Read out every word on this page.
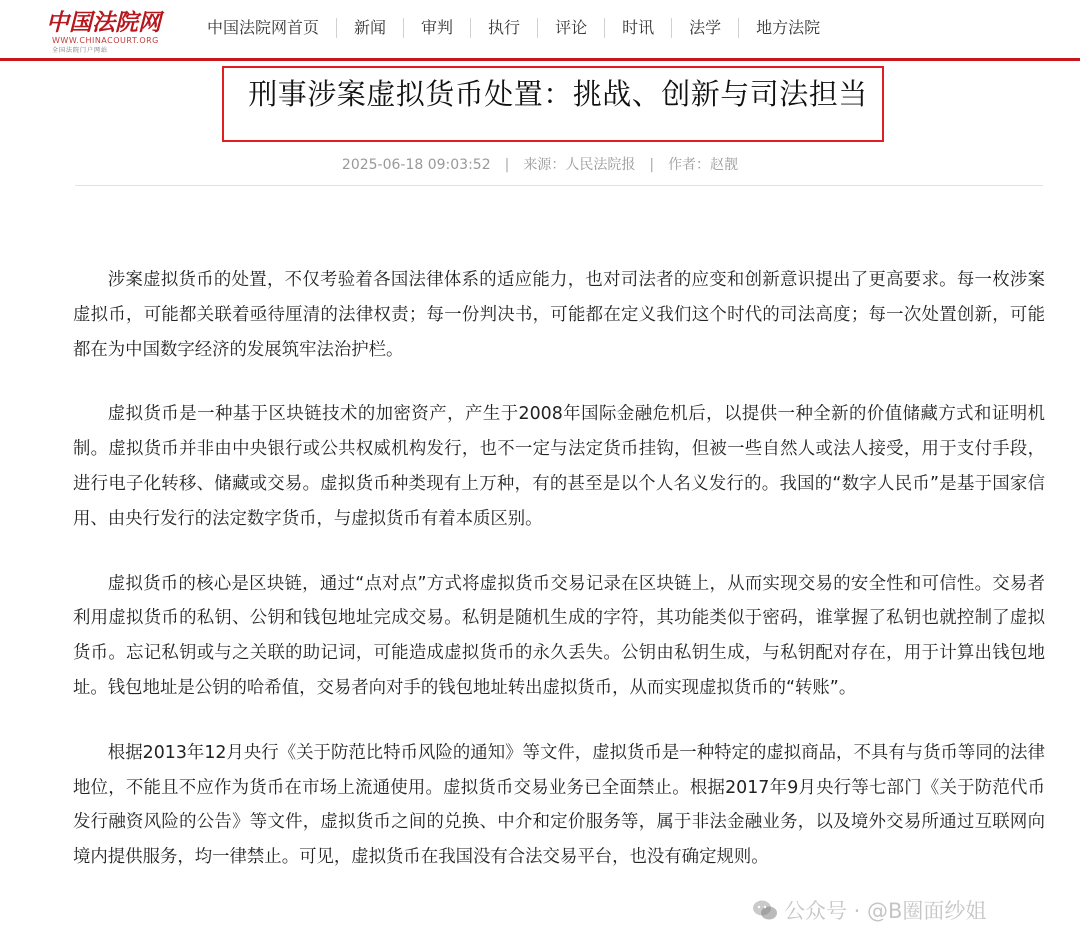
中国法院网
WWW.CHINACOURT.ORG
全国法院门户网站
中国法院网首页	新闻	审判	执行	评论	时讯	法学	地方法院
刑事涉案虚拟货币处置：挑战、创新与司法担当
2025-06-18 09:03:52 | 来源：人民法院报 | 作者：赵靓

涉案虚拟货币的处置，不仅考验着各国法律体系的适应能力，也对司法者的应变和创新意识提出了更高要求。每一枚涉案虚拟币，可能都关联着亟待厘清的法律权责；每一份判决书，可能都在定义我们这个时代的司法高度；每一次处置创新，可能都在为中国数字经济的发展筑牢法治护栏。

虚拟货币是一种基于区块链技术的加密资产，产生于2008年国际金融危机后，以提供一种全新的价值储藏方式和证明机制。虚拟货币并非由中央银行或公共权威机构发行，也不一定与法定货币挂钩，但被一些自然人或法人接受，用于支付手段，进行电子化转移、储藏或交易。虚拟货币种类现有上万种，有的甚至是以个人名义发行的。我国的“数字人民币”是基于国家信用、由央行发行的法定数字货币，与虚拟货币有着本质区别。

虚拟货币的核心是区块链，通过“点对点”方式将虚拟货币交易记录在区块链上，从而实现交易的安全性和可信性。交易者利用虚拟货币的私钥、公钥和钱包地址完成交易。私钥是随机生成的字符，其功能类似于密码，谁掌握了私钥也就控制了虚拟货币。忘记私钥或与之关联的助记词，可能造成虚拟货币的永久丢失。公钥由私钥生成，与私钥配对存在，用于计算出钱包地址。钱包地址是公钥的哈希值，交易者向对手的钱包地址转出虚拟货币，从而实现虚拟货币的“转账”。

根据2013年12月央行《关于防范比特币风险的通知》等文件，虚拟货币是一种特定的虚拟商品，不具有与货币等同的法律地位，不能且不应作为货币在市场上流通使用。虚拟货币交易业务已全面禁止。根据2017年9月央行等七部门《关于防范代币发行融资风险的公告》等文件，虚拟货币之间的兑换、中介和定价服务等，属于非法金融业务，以及境外交易所通过互联网向境内提供服务，均一律禁止。可见，虚拟货币在我国没有合法交易平台，也没有确定规则。

公众号 · @B圈面纱姐
